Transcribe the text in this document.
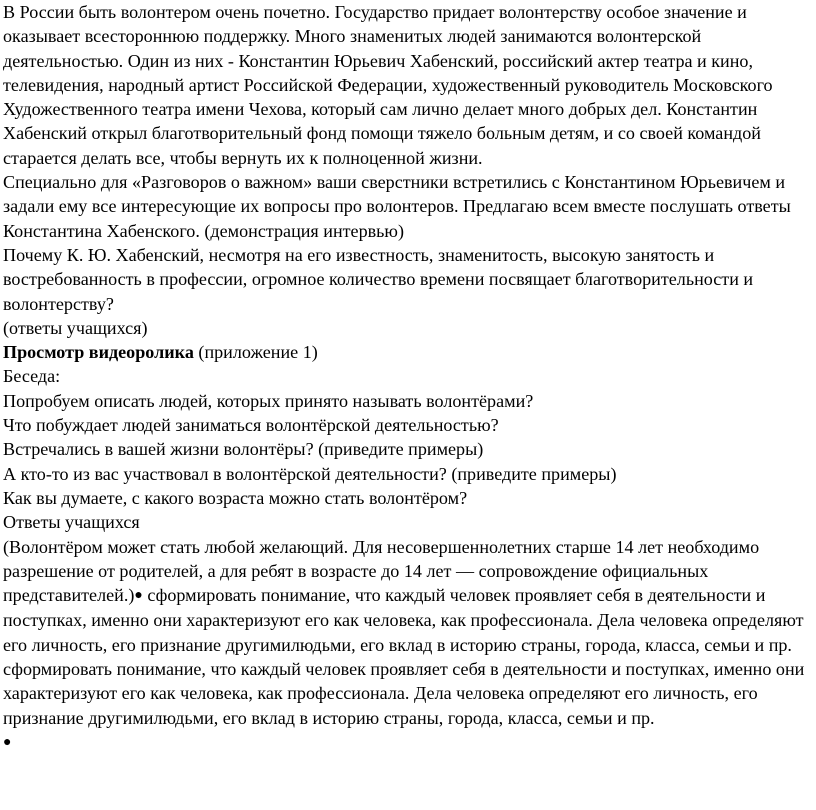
В России быть волонтером очень почетно. Государство придает волонтерству особое значение и оказывает всестороннюю поддержку. Много знаменитых людей занимаются волонтерской деятельностью. Один из них - Константин Юрьевич Хабенский, российский актер театра и кино, телевидения, народный артист Российской Федерации, художественный руководитель Московского Художественного театра имени Чехова, который сам лично делает много добрых дел. Константин Хабенский открыл благотворительный фонд помощи тяжело больным детям, и со своей командой старается делать все, чтобы вернуть их к полноценной жизни.

Специально для «Разговоров о важном» ваши сверстники встретились с Константином Юрьевичем и задали ему все интересующие их вопросы про волонтеров. Предлагаю всем вместе послушать ответы Константина Хабенского. (демонстрация интервью)

Почему К. Ю. Хабенский, несмотря на его известность, знаменитость, высокую занятость и востребованность в профессии, огромное количество времени посвящает благотворительности и волонтерству?

(ответы учащихся)

Просмотр видеоролика (приложение 1)

Беседа:

Попробуем описать людей, которых принято называть волонтёрами?

Что побуждает людей заниматься волонтёрской деятельностью?

Встречались в вашей жизни волонтёры? (приведите примеры)

А кто-то из вас участвовал в волонтёрской деятельности? (приведите примеры)

Как вы думаете, с какого возраста можно стать волонтёром?

Ответы учащихся

(Волонтёром может стать любой желающий. Для несовершеннолетних старше 14 лет необходимо разрешение от родителей, а для ребят в возрасте до 14 лет — сопровождение официальных представителей.)● сформировать понимание, что каждый человек проявляет себя в деятельности и поступках, именно они характеризуют его как человека, как профессионала. Дела человека определяют его личность, его признание другимилюдьми, его вклад в историю страны, города, класса, семьи и пр.

сформировать понимание, что каждый человек проявляет себя в деятельности и поступках, именно они характеризуют его как человека, как профессионала. Дела человека определяют его личность, его признание другимилюдьми, его вклад в историю страны, города, класса, семьи и пр.

●
